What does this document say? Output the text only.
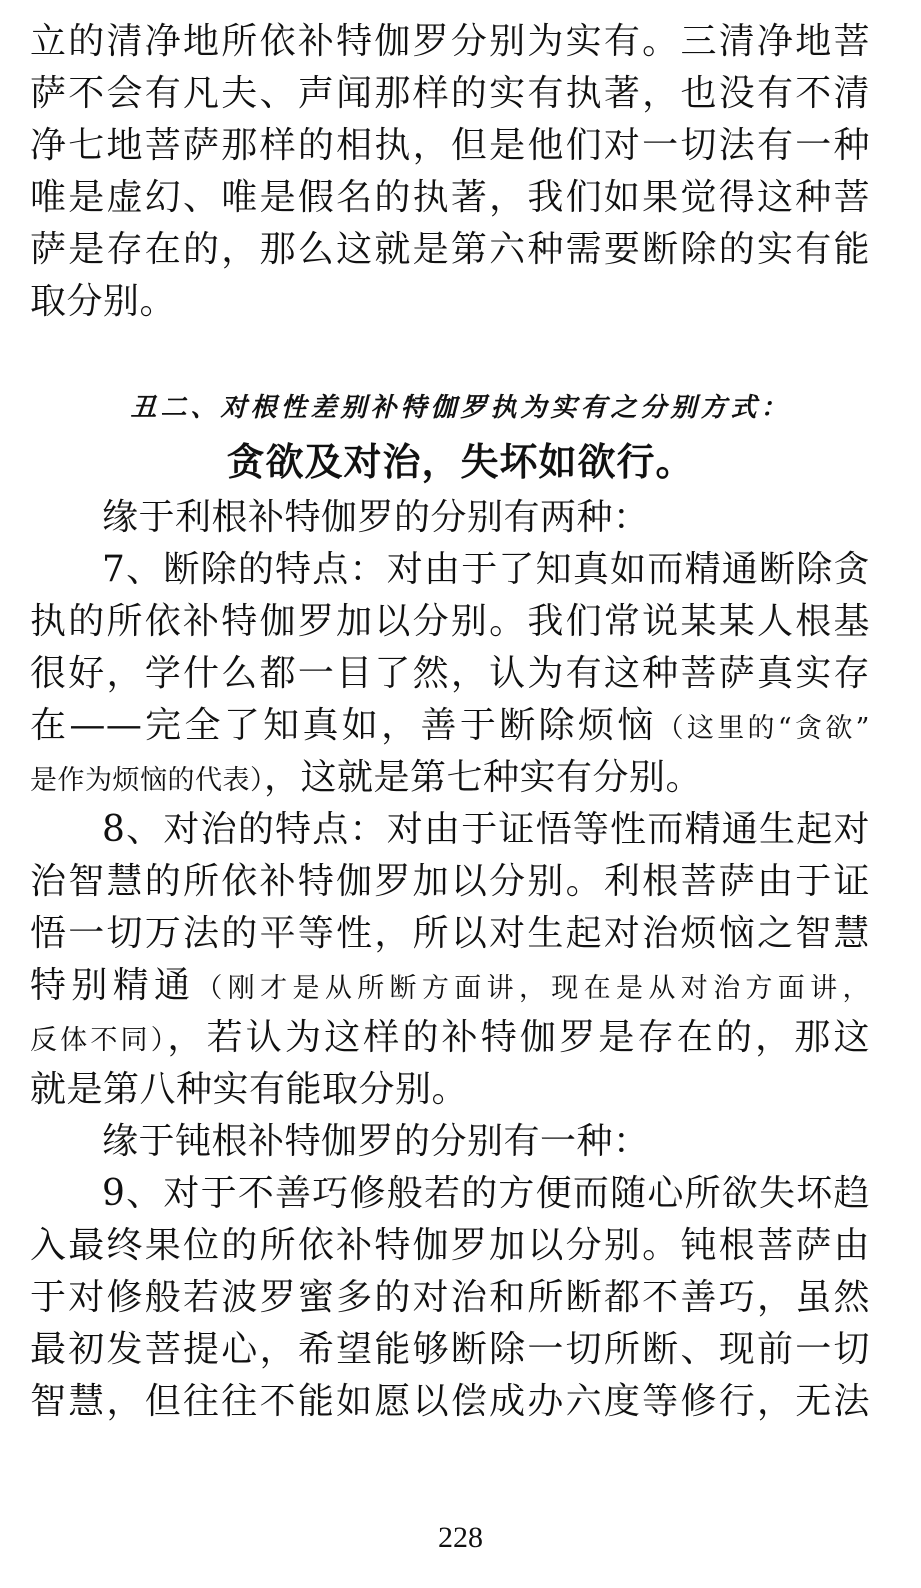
立的清净地所依补特伽罗分别为实有。三清净地菩
萨不会有凡夫、声闻那样的实有执著，也没有不清
净七地菩萨那样的相执，但是他们对一切法有一种
唯是虚幻、唯是假名的执著，我们如果觉得这种菩
萨是存在的，那么这就是第六种需要断除的实有能
取分别。
丑二、对根性差别补特伽罗执为实有之分别方式：
贪欲及对治，失坏如欲行。
缘于利根补特伽罗的分别有两种：
7、断除的特点：对由于了知真如而精通断除贪
执的所依补特伽罗加以分别。我们常说某某人根基
很好，学什么都一目了然，认为有这种菩萨真实存
在——完全了知真如，善于断除烦恼（这里的“贪欲”
是作为烦恼的代表），这就是第七种实有分别。
8、对治的特点：对由于证悟等性而精通生起对
治智慧的所依补特伽罗加以分别。利根菩萨由于证
悟一切万法的平等性，所以对生起对治烦恼之智慧
特别精通（刚才是从所断方面讲，现在是从对治方面讲，
反体不同），若认为这样的补特伽罗是存在的，那这
就是第八种实有能取分别。
缘于钝根补特伽罗的分别有一种：
9、对于不善巧修般若的方便而随心所欲失坏趋
入最终果位的所依补特伽罗加以分别。钝根菩萨由
于对修般若波罗蜜多的对治和所断都不善巧，虽然
最初发菩提心，希望能够断除一切所断、现前一切
智慧，但往往不能如愿以偿成办六度等修行，无法
228
